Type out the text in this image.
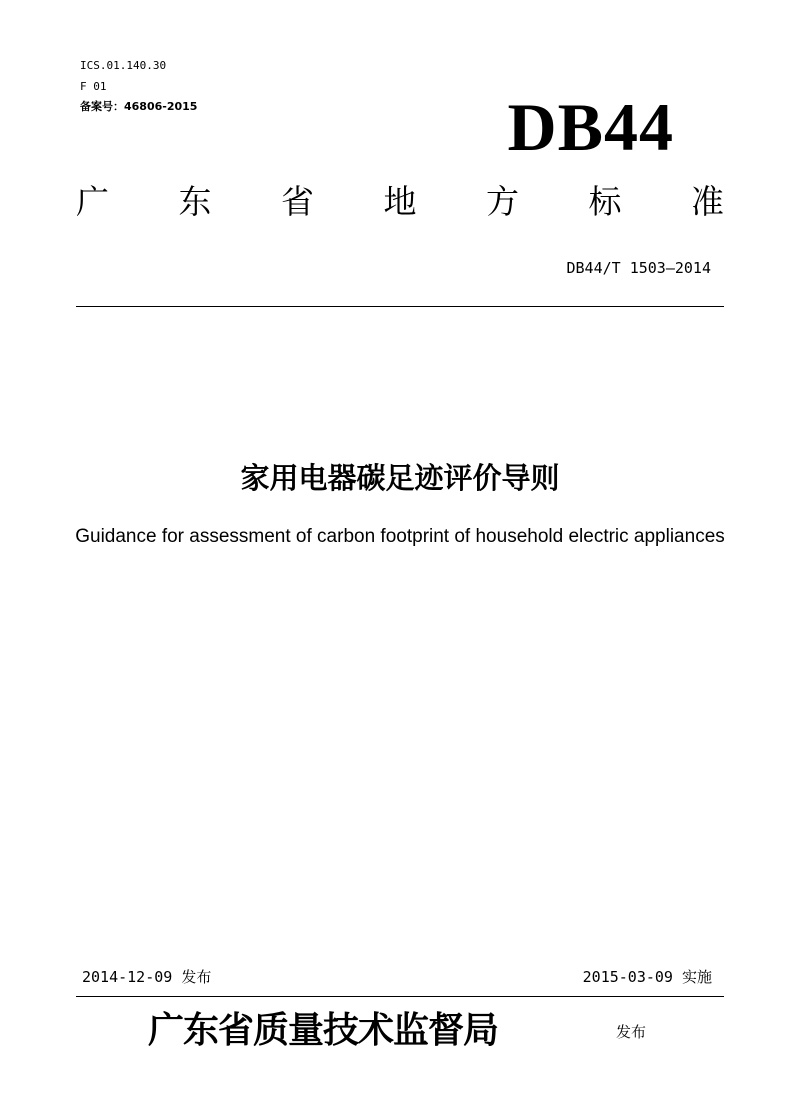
ICS.01.140.30
F 01
备案号：46806-2015	DB44
广 东 省 地 方 标 准
DB44/T 1503—2014
家用电器碳足迹评价导则
Guidance for assessment of carbon footprint of household electric appliances
2014-12-09 发布	2015-03-09 实施
广东省质量技术监督局	发布
